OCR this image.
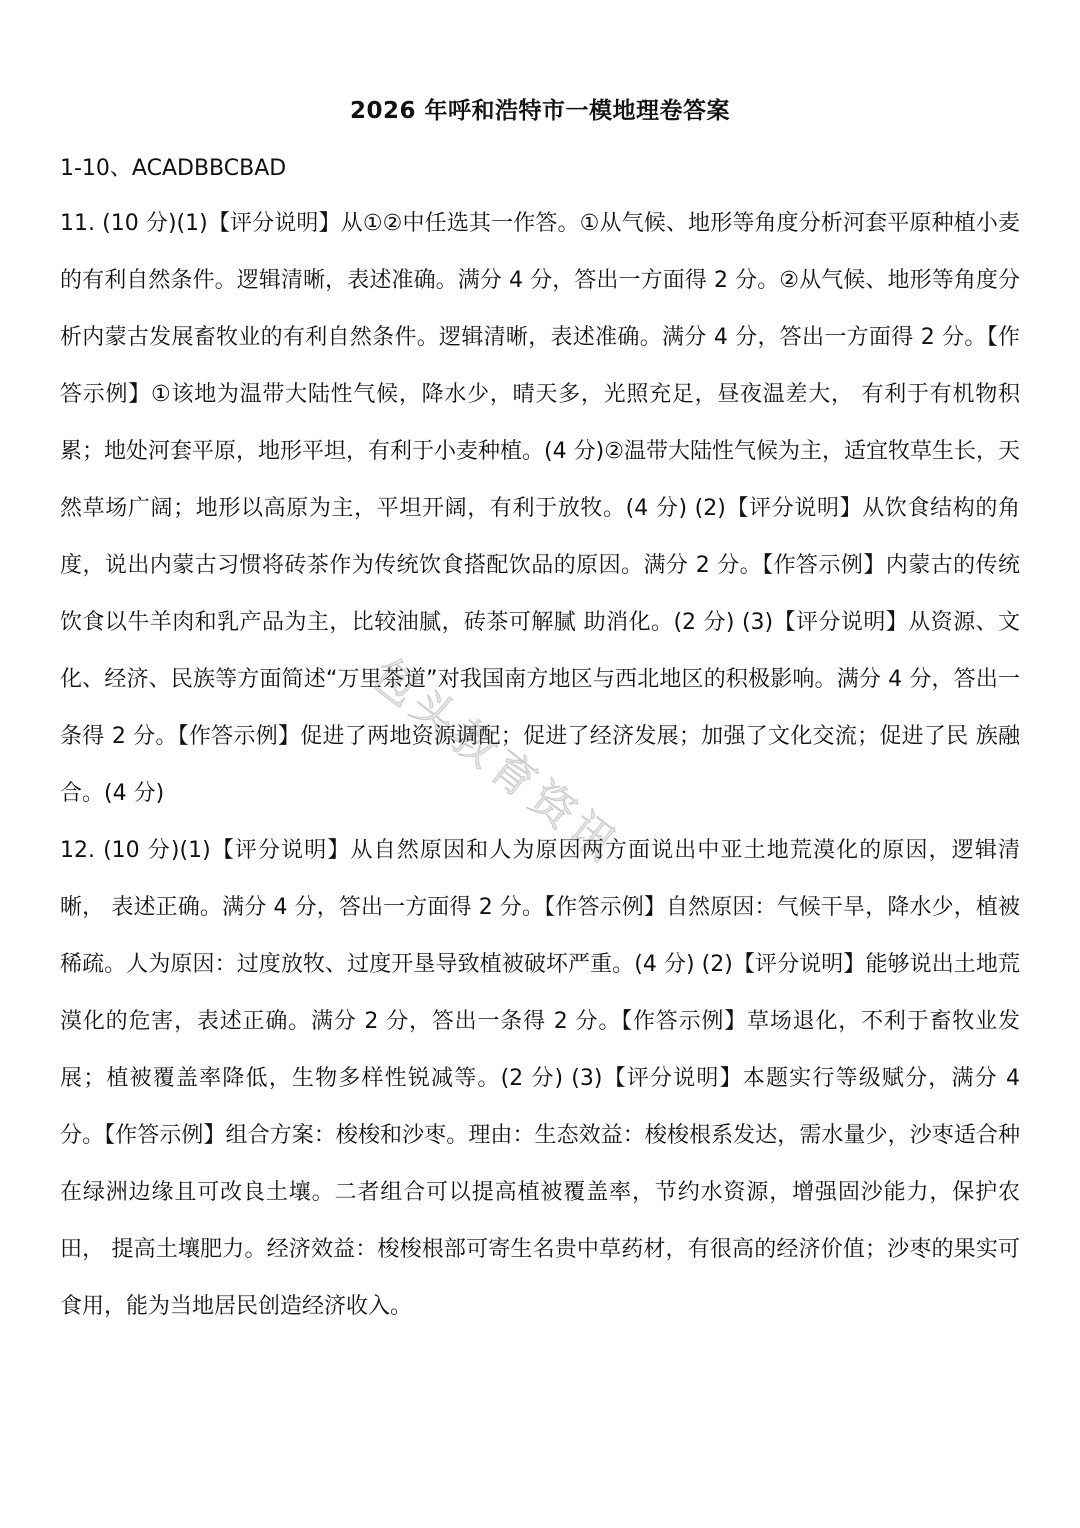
2026 年呼和浩特市一模地理卷答案

1-10、ACADBBCBAD

11. (10 分)(1)【评分说明】从①②中任选其一作答。①从气候、地形等角度分析河套平原种植小麦的有利自然条件。逻辑清晰，表述准确。满分 4 分，答出一方面得 2 分。②从气候、地形等角度分析内蒙古发展畜牧业的有利自然条件。逻辑清晰，表述准确。满分 4 分，答出一方面得 2 分。【作答示例】①该地为温带大陆性气候，降水少，晴天多，光照充足，昼夜温差大， 有利于有机物积累；地处河套平原，地形平坦，有利于小麦种植。(4 分)②温带大陆性气候为主，适宜牧草生长，天然草场广阔；地形以高原为主，平坦开阔，有利于放牧。(4 分) (2)【评分说明】从饮食结构的角度，说出内蒙古习惯将砖茶作为传统饮食搭配饮品的原因。满分 2 分。【作答示例】内蒙古的传统饮食以牛羊肉和乳产品为主，比较油腻，砖茶可解腻 助消化。(2 分) (3)【评分说明】从资源、文化、经济、民族等方面简述“万里茶道”对我国南方地区与西北地区的积极影响。满分 4 分，答出一条得 2 分。【作答示例】促进了两地资源调配；促进了经济发展；加强了文化交流；促进了民 族融合。(4 分)

12. (10 分)(1)【评分说明】从自然原因和人为原因两方面说出中亚土地荒漠化的原因，逻辑清晰， 表述正确。满分 4 分，答出一方面得 2 分。【作答示例】自然原因：气候干旱，降水少，植被稀疏。人为原因：过度放牧、过度开垦导致植被破坏严重。(4 分) (2)【评分说明】能够说出土地荒漠化的危害，表述正确。满分 2 分，答出一条得 2 分。【作答示例】草场退化，不利于畜牧业发展；植被覆盖率降低，生物多样性锐减等。(2 分) (3)【评分说明】本题实行等级赋分，满分 4 分。【作答示例】组合方案：梭梭和沙枣。理由：生态效益：梭梭根系发达，需水量少，沙枣适合种在绿洲边缘且可改良土壤。二者组合可以提高植被覆盖率，节约水资源，增强固沙能力，保护农田， 提高土壤肥力。经济效益：梭梭根部可寄生名贵中草药材，有很高的经济价值；沙枣的果实可 食用，能为当地居民创造经济收入。

包头教育资讯
